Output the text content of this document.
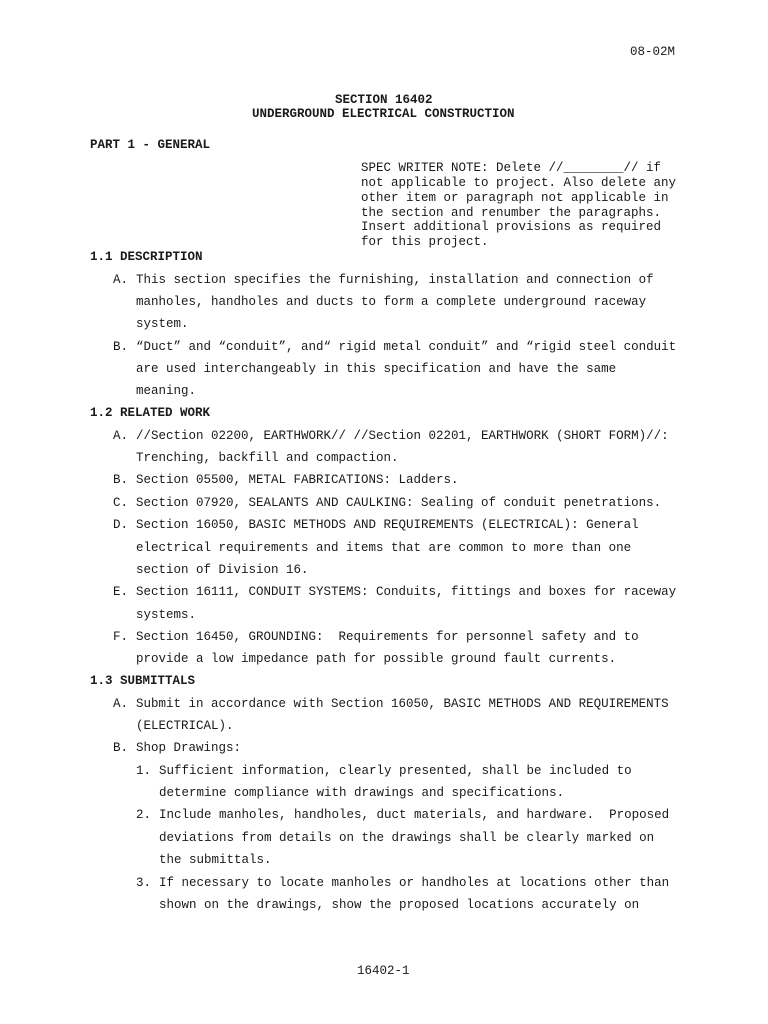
08-02M
SECTION 16402
UNDERGROUND ELECTRICAL CONSTRUCTION
PART 1 - GENERAL
SPEC WRITER NOTE: Delete //________// if
not applicable to project. Also delete any
other item or paragraph not applicable in
the section and renumber the paragraphs.
Insert additional provisions as required
for this project.
1.1 DESCRIPTION
A. This section specifies the furnishing, installation and connection of
manholes, handholes and ducts to form a complete underground raceway
system.
B. “Duct” and “conduit”, and“ rigid metal conduit” and “rigid steel conduit
are used interchangeably in this specification and have the same
meaning.
1.2 RELATED WORK
A. //Section 02200, EARTHWORK// //Section 02201, EARTHWORK (SHORT FORM)//:
Trenching, backfill and compaction.
B. Section 05500, METAL FABRICATIONS: Ladders.
C. Section 07920, SEALANTS AND CAULKING: Sealing of conduit penetrations.
D. Section 16050, BASIC METHODS AND REQUIREMENTS (ELECTRICAL): General
electrical requirements and items that are common to more than one
section of Division 16.
E. Section 16111, CONDUIT SYSTEMS: Conduits, fittings and boxes for raceway
systems.
F. Section 16450, GROUNDING:  Requirements for personnel safety and to
provide a low impedance path for possible ground fault currents.
1.3 SUBMITTALS
A. Submit in accordance with Section 16050, BASIC METHODS AND REQUIREMENTS
(ELECTRICAL).
B. Shop Drawings:
1. Sufficient information, clearly presented, shall be included to
determine compliance with drawings and specifications.
2. Include manholes, handholes, duct materials, and hardware.  Proposed
deviations from details on the drawings shall be clearly marked on
the submittals.
3. If necessary to locate manholes or handholes at locations other than
shown on the drawings, show the proposed locations accurately on
16402-1
